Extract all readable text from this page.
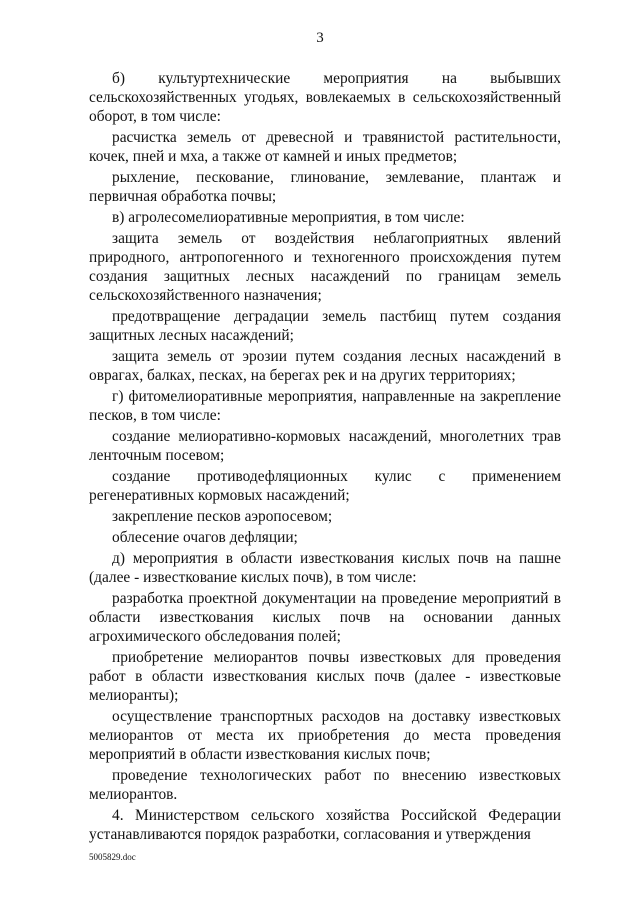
3

б) культуртехнические мероприятия на выбывших сельскохозяйственных угодьях, вовлекаемых в сельскохозяйственный оборот, в том числе:

расчистка земель от древесной и травянистой растительности, кочек, пней и мха, а также от камней и иных предметов;

рыхление, пескование, глинование, землевание, плантаж и первичная обработка почвы;

в) агролесомелиоративные мероприятия, в том числе:

защита земель от воздействия неблагоприятных явлений природного, антропогенного и техногенного происхождения путем создания защитных лесных насаждений по границам земель сельскохозяйственного назначения;

предотвращение деградации земель пастбищ путем создания защитных лесных насаждений;

защита земель от эрозии путем создания лесных насаждений в оврагах, балках, песках, на берегах рек и на других территориях;

г) фитомелиоративные мероприятия, направленные на закрепление песков, в том числе:

создание мелиоративно-кормовых насаждений, многолетних трав ленточным посевом;

создание противодефляционных кулис с применением регенеративных кормовых насаждений;

закрепление песков аэропосевом;

облесение очагов дефляции;

д) мероприятия в области известкования кислых почв на пашне (далее - известкование кислых почв), в том числе:

разработка проектной документации на проведение мероприятий в области известкования кислых почв на основании данных агрохимического обследования полей;

приобретение мелиорантов почвы известковых для проведения работ в области известкования кислых почв (далее - известковые мелиоранты);

осуществление транспортных расходов на доставку известковых мелиорантов от места их приобретения до места проведения мероприятий в области известкования кислых почв;

проведение технологических работ по внесению известковых мелиорантов.

4. Министерством сельского хозяйства Российской Федерации устанавливаются порядок разработки, согласования и утверждения

5005829.doc
